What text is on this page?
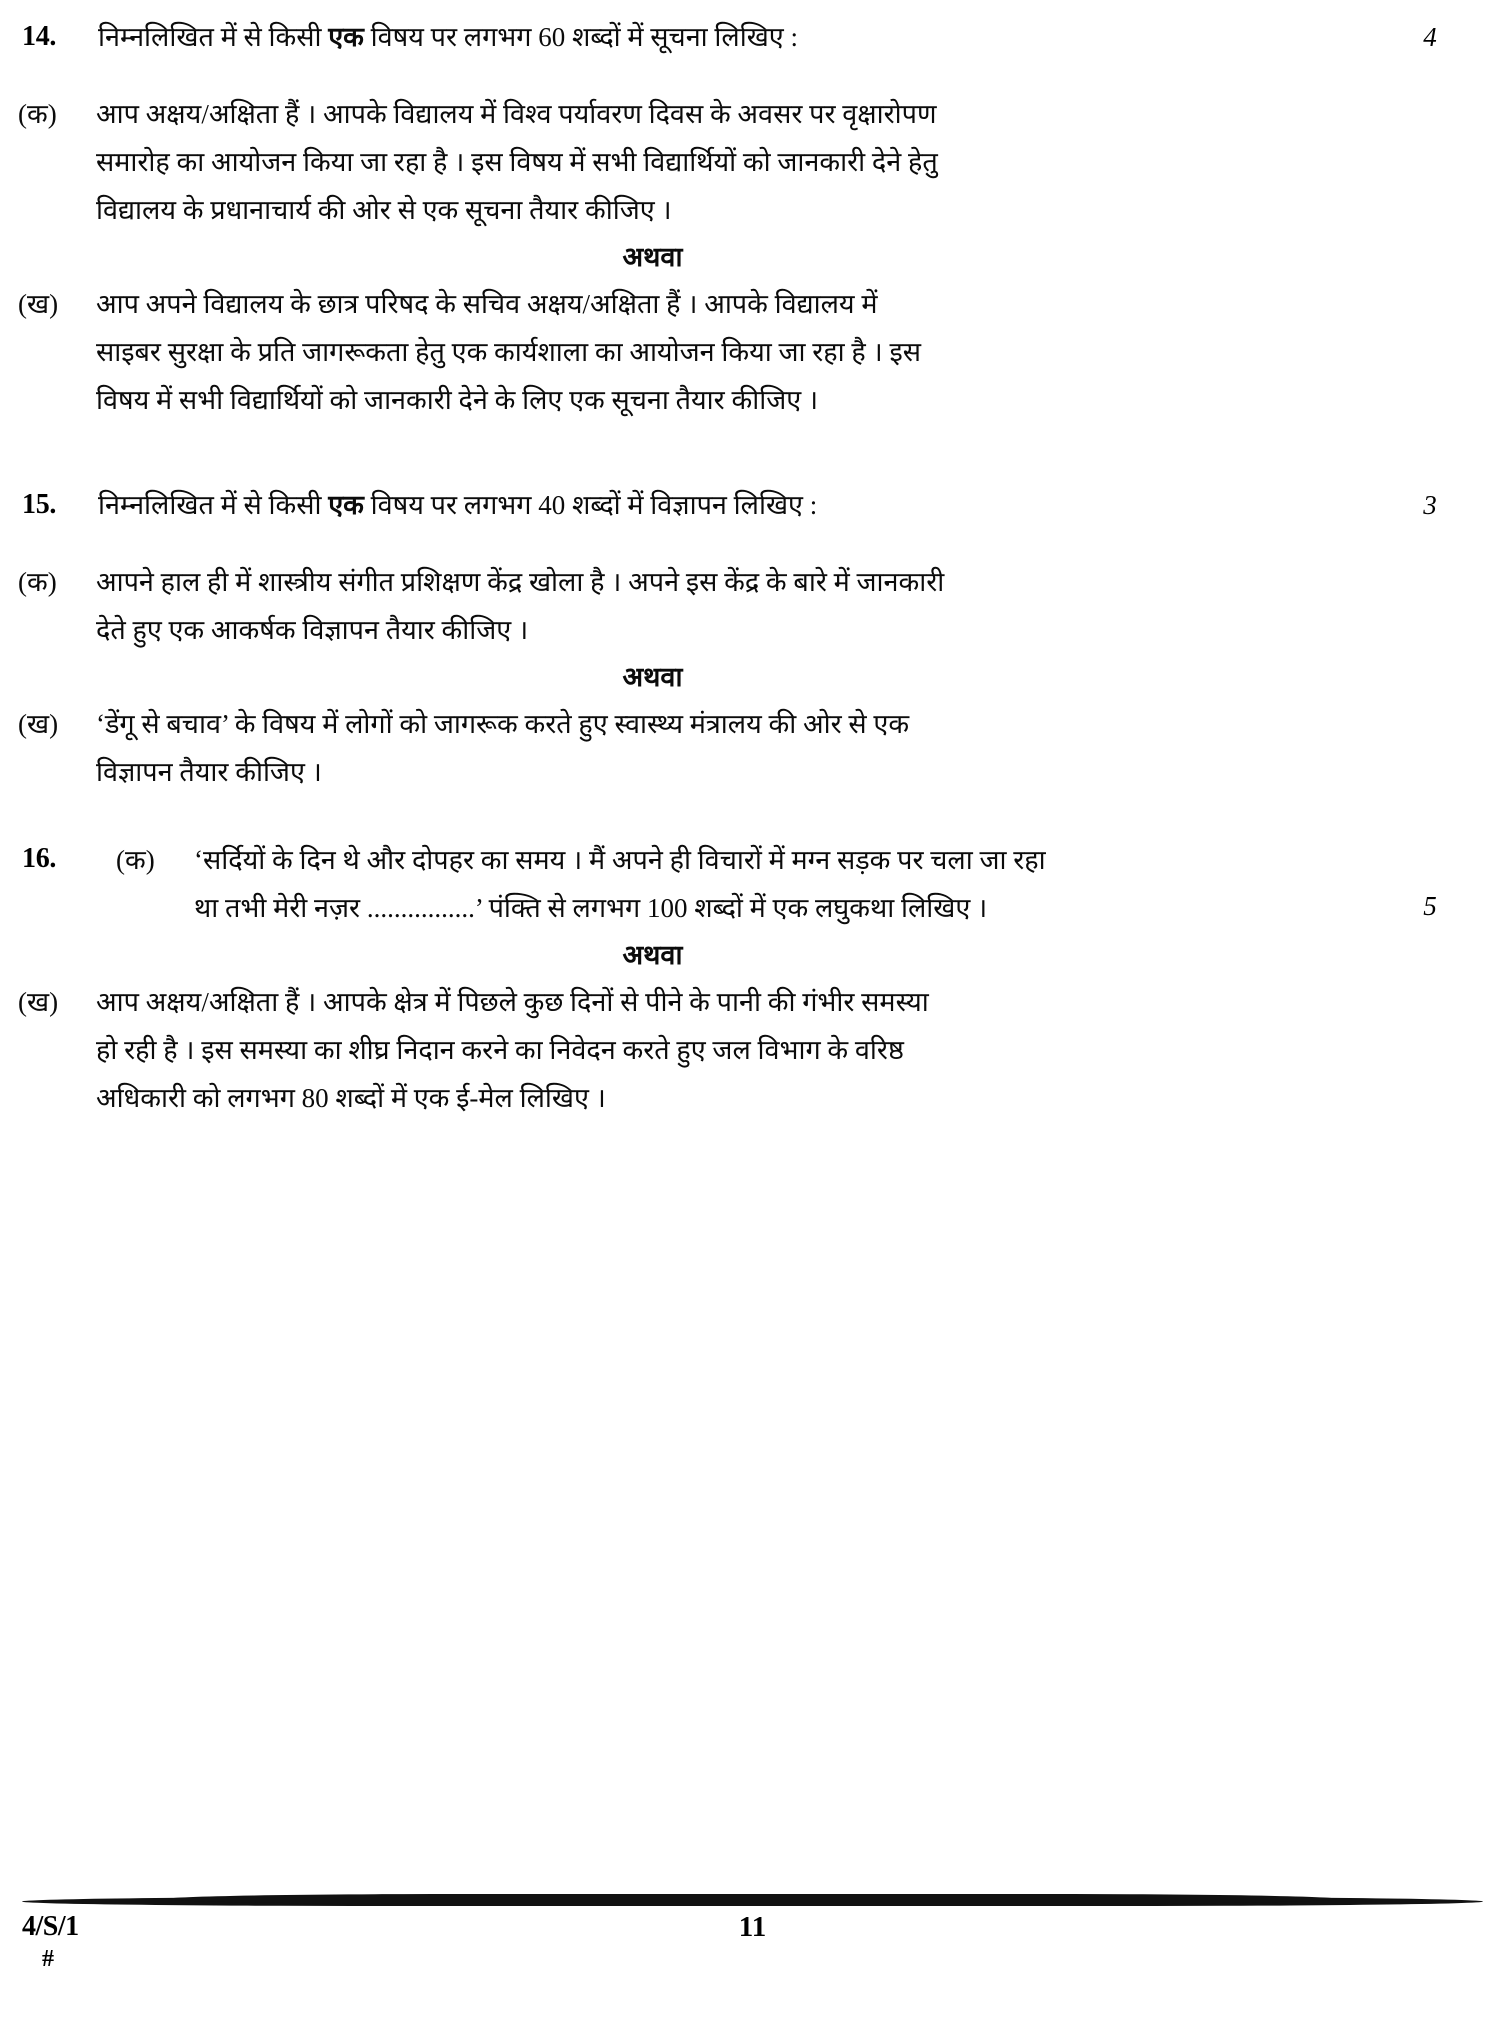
14.	निम्नलिखित में से किसी एक विषय पर लगभग 60 शब्दों में सूचना लिखिए :	4
(क)	आप अक्षय/अक्षिता हैं । आपके विद्यालय में विश्व पर्यावरण दिवस के अवसर पर वृक्षारोपण
समारोह का आयोजन किया जा रहा है । इस विषय में सभी विद्यार्थियों को जानकारी देने हेतु
विद्यालय के प्रधानाचार्य की ओर से एक सूचना तैयार कीजिए ।
अथवा
(ख)	आप अपने विद्यालय के छात्र परिषद के सचिव अक्षय/अक्षिता हैं । आपके विद्यालय में
साइबर सुरक्षा के प्रति जागरूकता हेतु एक कार्यशाला का आयोजन किया जा रहा है । इस
विषय में सभी विद्यार्थियों को जानकारी देने के लिए एक सूचना तैयार कीजिए ।
15.	निम्नलिखित में से किसी एक विषय पर लगभग 40 शब्दों में विज्ञापन लिखिए :	3
(क)	आपने हाल ही में शास्त्रीय संगीत प्रशिक्षण केंद्र खोला है । अपने इस केंद्र के बारे में जानकारी
देते हुए एक आकर्षक विज्ञापन तैयार कीजिए ।
अथवा
(ख)	‘डेंगू से बचाव’ के विषय में लोगों को जागरूक करते हुए स्वास्थ्य मंत्रालय की ओर से एक
विज्ञापन तैयार कीजिए ।
16.	(क)	‘सर्दियों के दिन थे और दोपहर का समय । मैं अपने ही विचारों में मग्न सड़क पर चला जा रहा
था तभी मेरी नज़र ................’ पंक्ति से लगभग 100 शब्दों में एक लघुकथा लिखिए ।	5
अथवा
(ख)	आप अक्षय/अक्षिता हैं । आपके क्षेत्र में पिछले कुछ दिनों से पीने के पानी की गंभीर समस्या
हो रही है । इस समस्या का शीघ्र निदान करने का निवेदन करते हुए जल विभाग के वरिष्ठ
अधिकारी को लगभग 80 शब्दों में एक ई-मेल लिखिए ।
4/S/1
#
11
